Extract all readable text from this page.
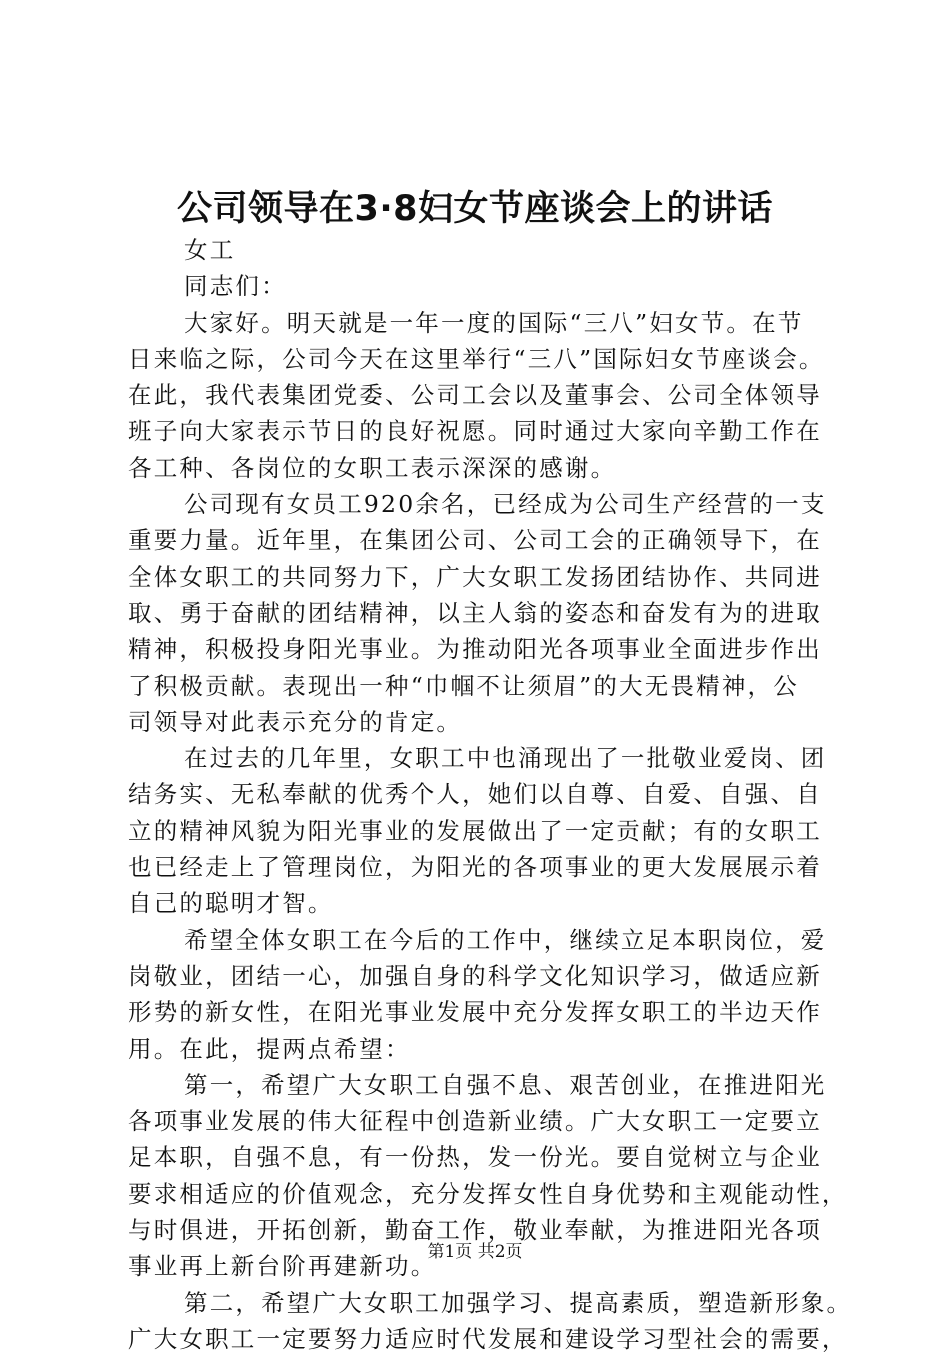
公司领导在3·8妇女节座谈会上的讲话
女工
同志们：
大家好。明天就是一年一度的国际“三八”妇女节。在节
日来临之际，公司今天在这里举行“三八”国际妇女节座谈会。
在此，我代表集团党委、公司工会以及董事会、公司全体领导
班子向大家表示节日的良好祝愿。同时通过大家向辛勤工作在
各工种、各岗位的女职工表示深深的感谢。
公司现有女员工920余名，已经成为公司生产经营的一支
重要力量。近年里，在集团公司、公司工会的正确领导下，在
全体女职工的共同努力下，广大女职工发扬团结协作、共同进
取、勇于奋献的团结精神，以主人翁的姿态和奋发有为的进取
精神，积极投身阳光事业。为推动阳光各项事业全面进步作出
了积极贡献。表现出一种“巾帼不让须眉”的大无畏精神，公
司领导对此表示充分的肯定。
在过去的几年里，女职工中也涌现出了一批敬业爱岗、团
结务实、无私奉献的优秀个人，她们以自尊、自爱、自强、自
立的精神风貌为阳光事业的发展做出了一定贡献；有的女职工
也已经走上了管理岗位，为阳光的各项事业的更大发展展示着
自己的聪明才智。
希望全体女职工在今后的工作中，继续立足本职岗位，爱
岗敬业，团结一心，加强自身的科学文化知识学习，做适应新
形势的新女性，在阳光事业发展中充分发挥女职工的半边天作
用。在此，提两点希望：
第一，希望广大女职工自强不息、艰苦创业，在推进阳光
各项事业发展的伟大征程中创造新业绩。广大女职工一定要立
足本职，自强不息，有一份热，发一份光。要自觉树立与企业
要求相适应的价值观念，充分发挥女性自身优势和主观能动性，
与时俱进，开拓创新，勤奋工作，敬业奉献，为推进阳光各项
事业再上新台阶再建新功。
第二，希望广大女职工加强学习、提高素质，塑造新形象。
广大女职工一定要努力适应时代发展和建设学习型社会的需要，
第1页 共2页
